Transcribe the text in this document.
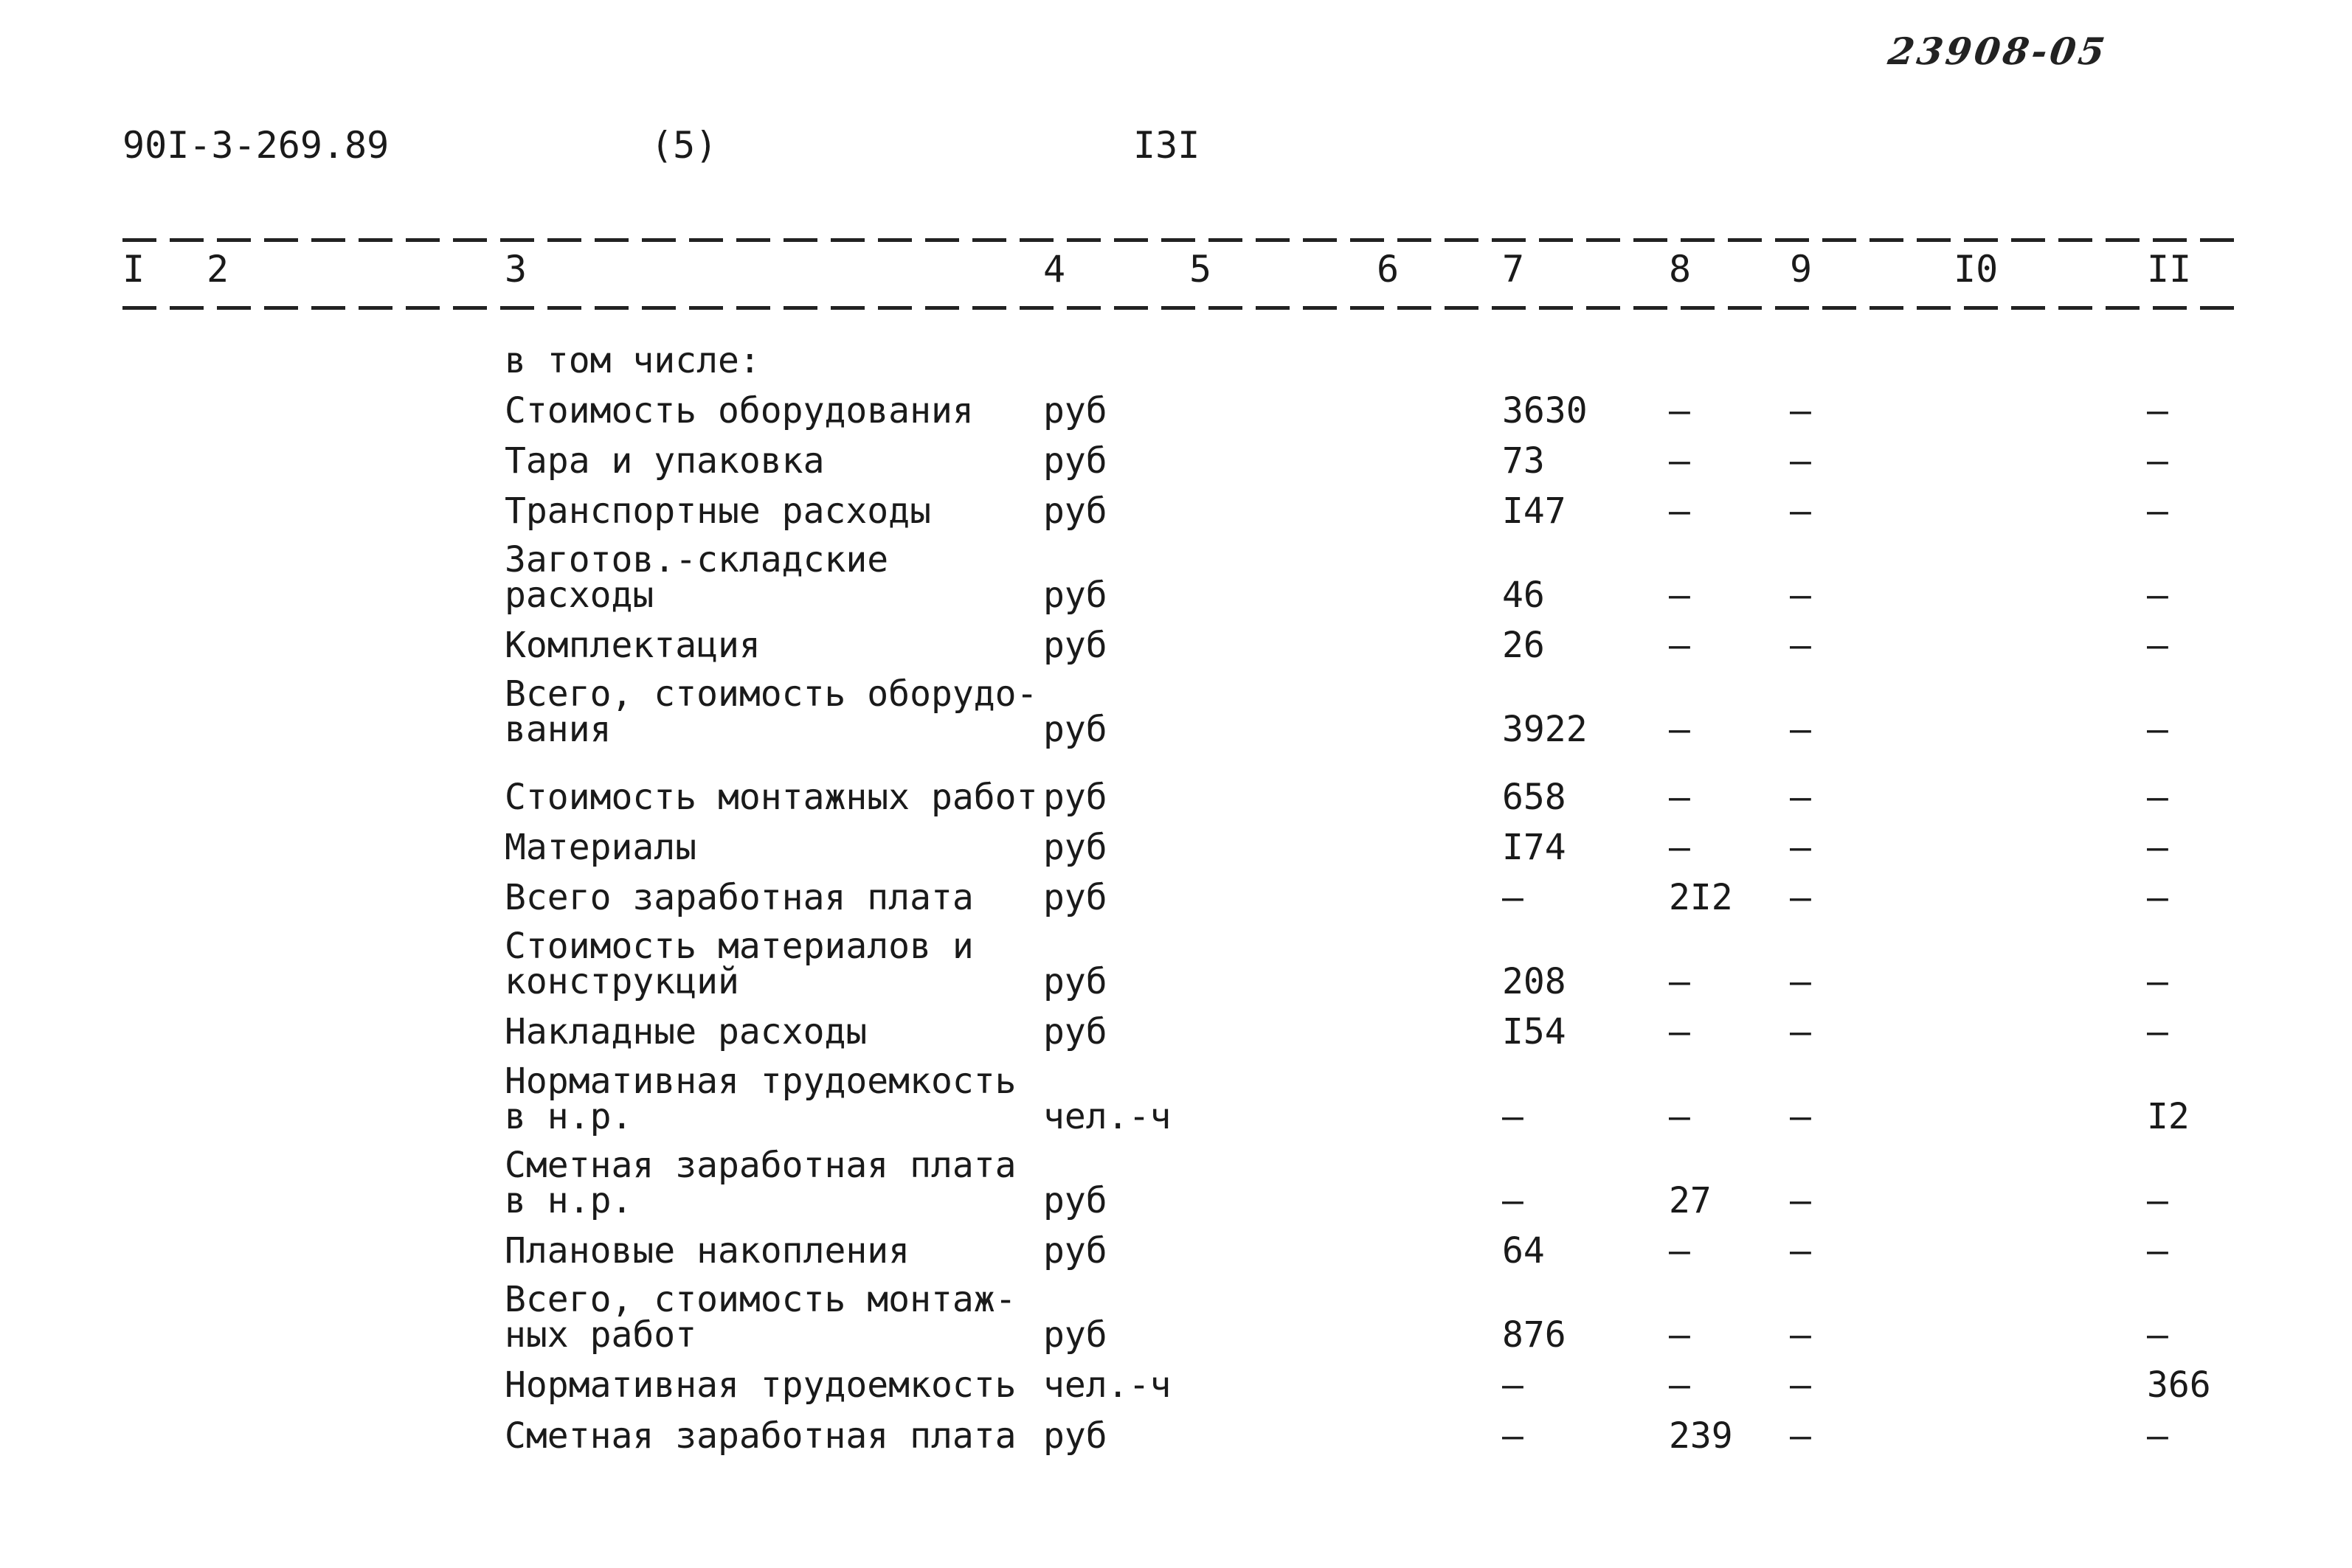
23908-05
90I-3-269.89	(5)	I3I
I 2	3	4	5	6	7	8	9	I0	II
в том числе:
Стоимость оборудования руб	3630 –	–	–
Тара и упаковка	руб	73	–	–	–
Транспортные расходы	руб	I47	–	–	–
Заготов.-складские
расходы	руб	46	–	–	–
Комплектация	руб	26	–	–	–
Всего, стоимость оборудо-
вания	руб	3922 –	–	–
Стоимость монтажных работ руб	658	–	–	–
Материалы	руб	I74	–	–	–
Всего заработная плата руб	–	2I2 –	–
Стоимость материалов и
конструкций	руб	208	–	–	–
Накладные расходы	руб	I54	–	–	–
Нормативная трудоемкость
в н.р.	чел.-ч	–	–	–	I2
Сметная заработная плата
в н.р.	руб	–	27 –	–
Плановые накопления	руб	64	–	–	–
Всего, стоимость монтаж-
ных работ	руб	876	–	–	–
Нормативная трудоемкость чел.-ч	–	–	–	366
Сметная заработная плата руб	–	239 –	–
